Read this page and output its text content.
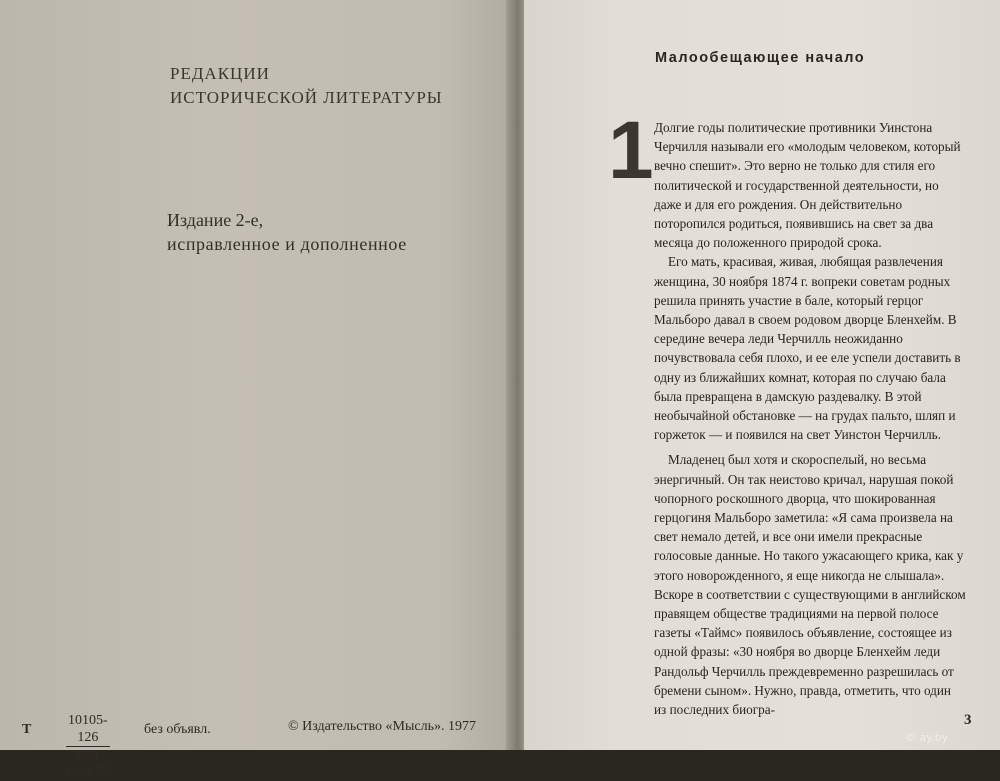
РЕДАКЦИИ
ИСТОРИЧЕСКОЙ ЛИТЕРАТУРЫ
Издание 2-е,
исправленное и дополненное
Т $\frac{10105-126}{004 (01)-77}$ без объявл.	© Издательство «Мысль». 1977
Малообещающее начало
1 Долгие годы политические противники Уинстона Черчилля называли его «молодым человеком, который вечно спешит». Это верно не только для стиля его политической и государственной деятельности, но даже и для его рождения. Он действительно поторопился родиться, появившись на свет за два месяца до положенного природой срока.

Его мать, красивая, живая, любящая развлечения женщина, 30 ноября 1874 г. вопреки советам родных решила принять участие в бале, который герцог Мальборо давал в своем родовом дворце Бленхейм. В середине вечера леди Черчилль неожиданно почувствовала себя плохо, и ее еле успели доставить в одну из ближайших комнат, которая по случаю бала была превращена в дамскую раздевалку. В этой необычайной обстановке — на грудах пальто, шляп и горжеток — и появился на свет Уинстон Черчилль.

Младенец был хотя и скороспелый, но весьма энергичный. Он так неистово кричал, нарушая покой чопорного роскошного дворца, что шокированная герцогиня Мальборо заметила: «Я сама произвела на свет немало детей, и все они имели прекрасные голосовые данные. Но такого ужасающего крика, как у этого новорожденного, я еще никогда не слышала». Вскоре в соответствии с существующими в английском правящем обществе традициями на первой полосе газеты «Таймс» появилось объявление, состоящее из одной фразы: «30 ноября во дворце Бленхейм леди Рандольф Черчилль преждевременно разрешилась от бремени сыном». Нужно, правда, отметить, что один из последних биогра-

3
© ay.by
